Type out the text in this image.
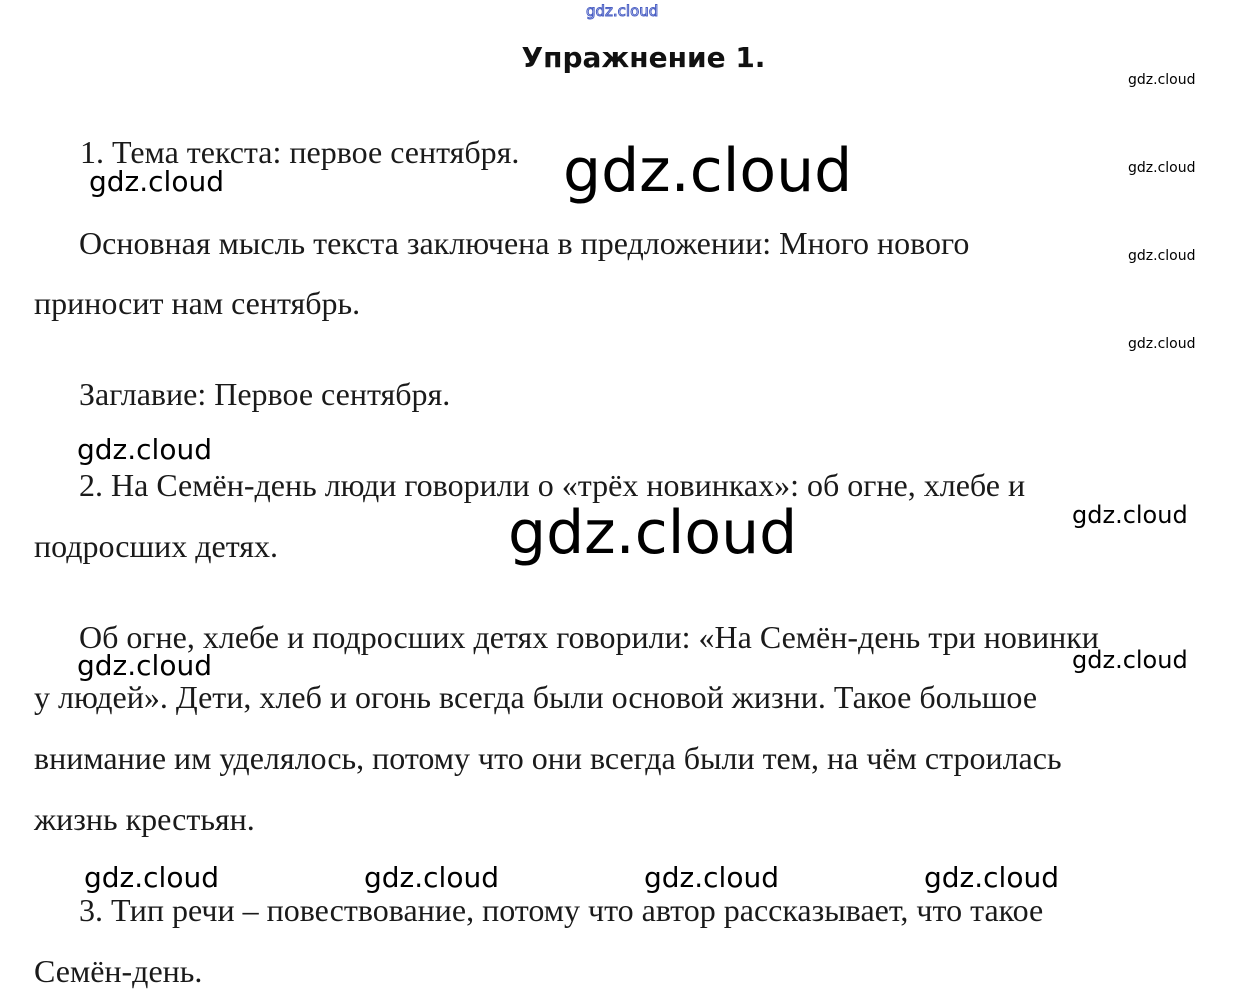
gdz.cloud
Упражнение 1.
1. Тема текста: первое сентября.
Основная мысль текста заключена в предложении: Много нового
приносит нам сентябрь.
Заглавие: Первое сентября.
2. На Семён-день люди говорили о «трёх новинках»: об огне, хлебе и
подросших детях.
Об огне, хлебе и подросших детях говорили: «На Семён-день три новинки
у людей». Дети, хлеб и огонь всегда были основой жизни. Такое большое
внимание им уделялось, потому что они всегда были тем, на чём строилась
жизнь крестьян.
3. Тип речи – повествование, потому что автор рассказывает, что такое
Семён-день.
gdz.cloud
gdz.cloud
gdz.cloud
gdz.cloud
gdz.cloud
gdz.cloud
gdz.cloud
gdz.cloud
gdz.cloud
gdz.cloud
gdz.cloud
gdz.cloud	gdz.cloud	gdz.cloud	gdz.cloud
